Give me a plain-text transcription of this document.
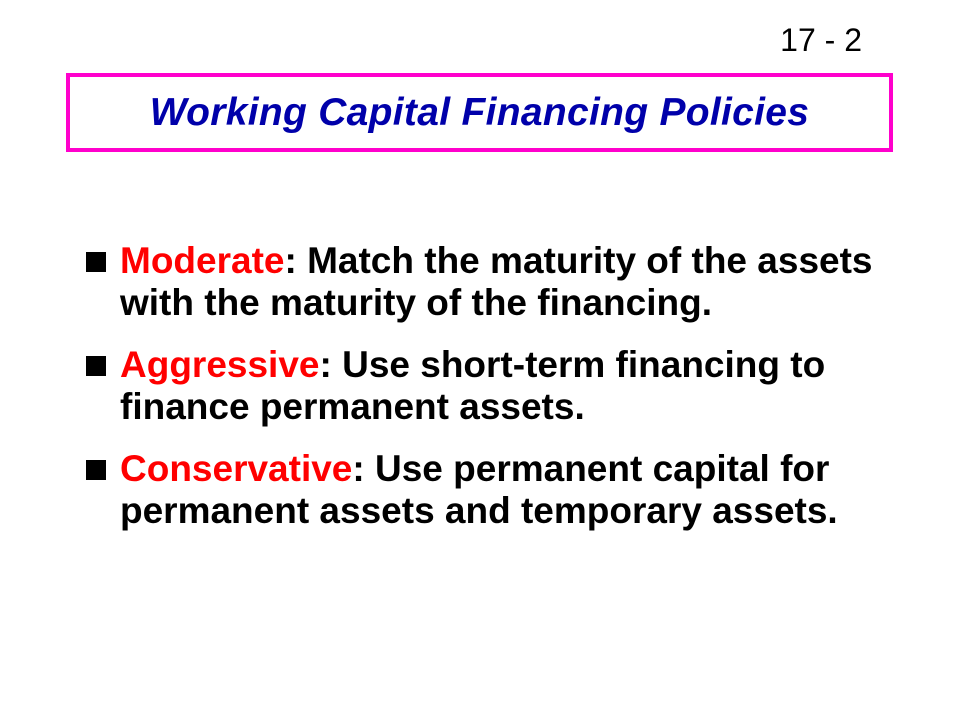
17 - 2
Working Capital Financing Policies
Moderate: Match the maturity of the assets with the maturity of the financing.
Aggressive: Use short-term financing to finance permanent assets.
Conservative: Use permanent capital for permanent assets and temporary assets.
